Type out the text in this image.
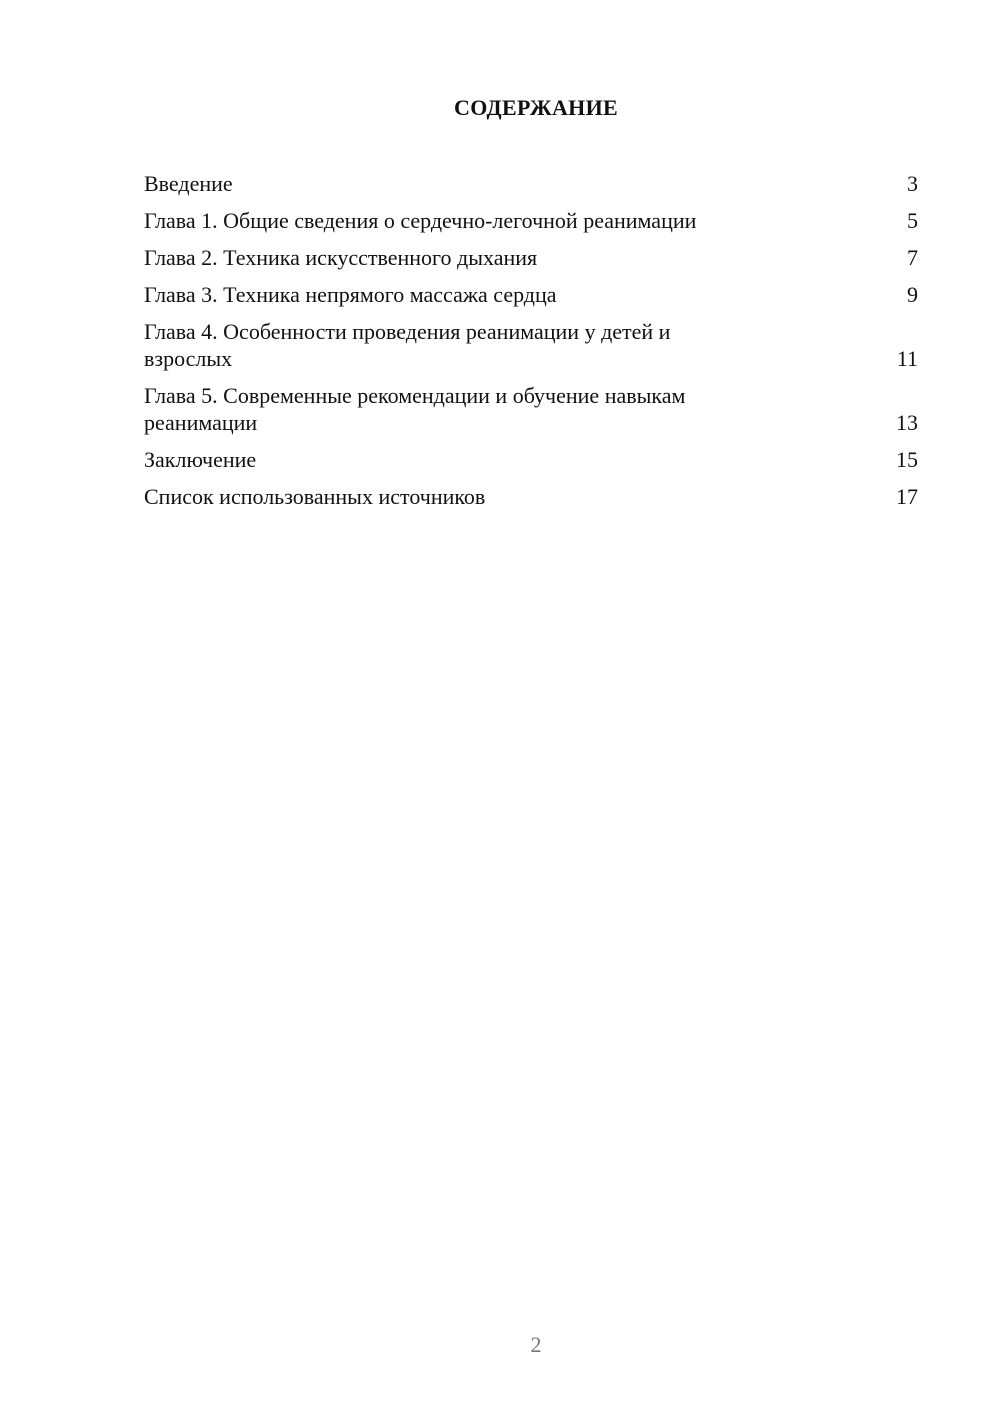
СОДЕРЖАНИЕ
Введение	3
Глава 1. Общие сведения о сердечно-легочной реанимации	5
Глава 2. Техника искусственного дыхания	7
Глава 3. Техника непрямого массажа сердца	9
Глава 4. Особенности проведения реанимации у детей и
взрослых	11
Глава 5. Современные рекомендации и обучение навыкам
реанимации	13
Заключение	15
Список использованных источников	17
2
